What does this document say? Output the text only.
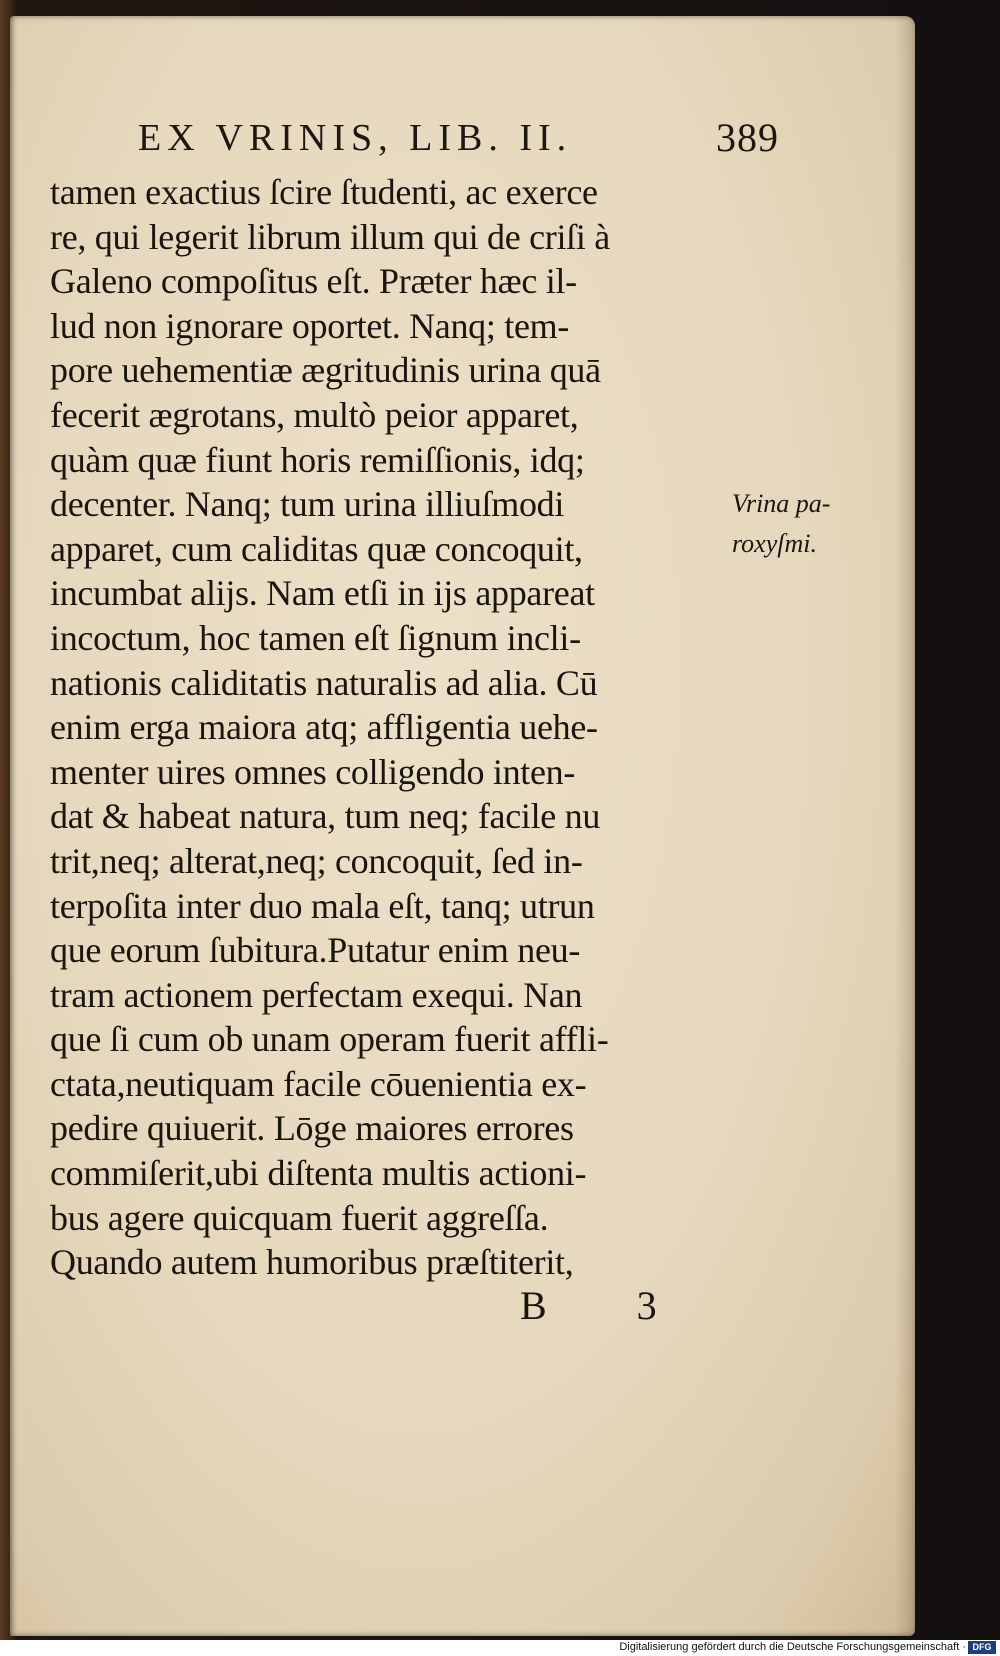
EX VRINIS, LIB. II.	389
tamen exactius ſcire ſtudenti, ac exerce
re, qui legerit librum illum qui de criſi à
Galeno compoſitus eſt. Præter hæc il-
lud non ignorare oportet. Nanq; tem-
pore uehementiæ ægritudinis urina quā
fecerit ægrotans, multò peior apparet,
quàm quæ fiunt horis remiſſionis, idq;
decenter. Nanq; tum urina illiuſmodi
apparet, cum caliditas quæ concoquit,
incumbat alijs. Nam etſi in ijs appareat
incoctum, hoc tamen eſt ſignum incli-
nationis caliditatis naturalis ad alia. Cū
enim erga maiora atq; affligentia uehe-
menter uires omnes colligendo inten-
dat & habeat natura, tum neq; facile nu
trit,neq; alterat,neq; concoquit, ſed in-
terpoſita inter duo mala eſt, tanq; utrun
que eorum ſubitura.Putatur enim neu-
tram actionem perfectam exequi. Nan
que ſi cum ob unam operam fuerit affli-
ctata,neutiquam facile cōuenientia ex-
pedire quiuerit. Lōge maiores errores
commiſerit,ubi diſtenta multis actioni-
bus agere quicquam fuerit aggreſſa.
Quando autem humoribus præſtiterit,
Vrina pa-
roxyſmi.
B 3
Digitalisierung gefördert durch die Deutsche Forschungsgemeinschaft · DFG
